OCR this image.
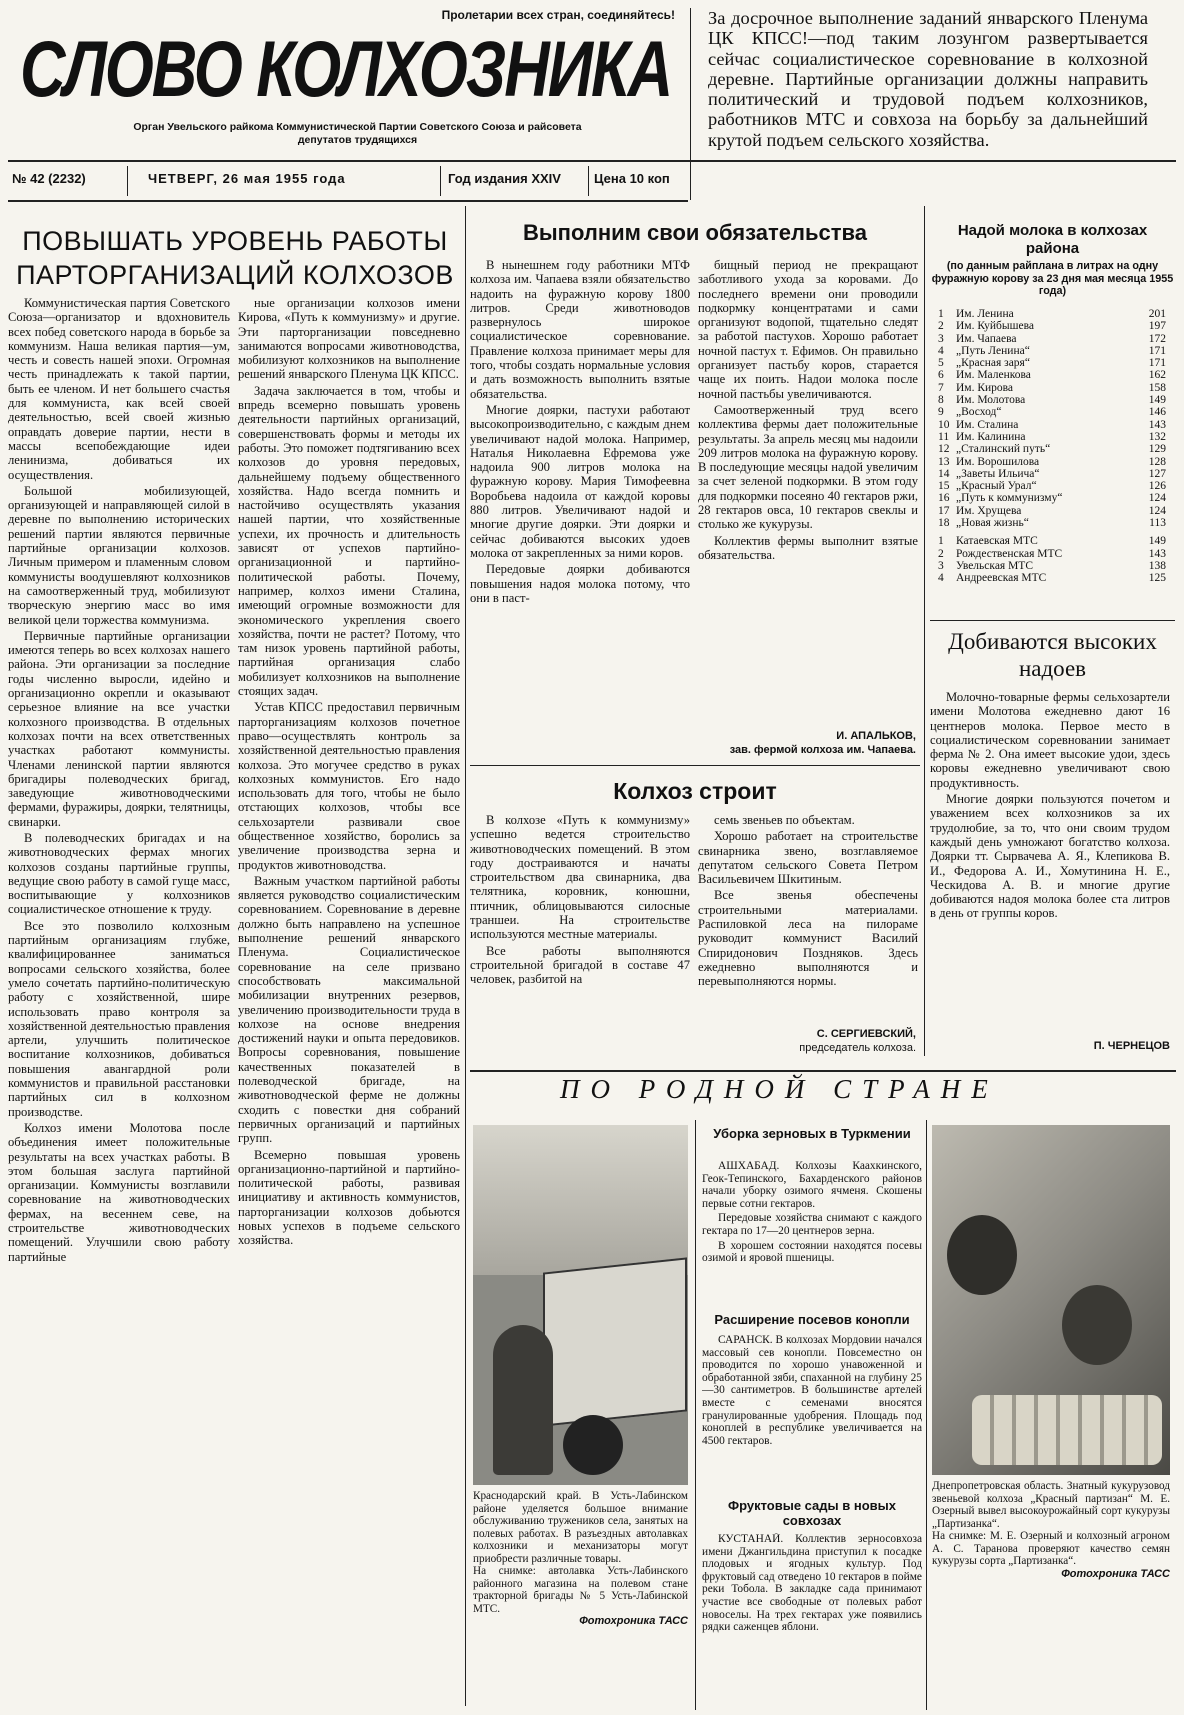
Пролетарии всех стран, соединяйтесь!
СЛОВО КОЛХОЗНИКА
Орган Увельского райкома Коммунистической Партии Советского Союза и райсовета депутатов трудящихся
№ 42 (2232)	ЧЕТВЕРГ, 26 мая 1955 года	Год издания XXIV	Цена 10 коп
За досрочное выполнение заданий январского Пленума ЦК КПСС!—под таким лозунгом развертывается сейчас социалистическое соревнование в колхозной деревне. Партийные организации должны направить политический и трудовой подъем колхозников, работников МТС и совхоза на борьбу за дальнейший крутой подъем сельского хозяйства.
ПОВЫШАТЬ УРОВЕНЬ РАБОТЫ ПАРТОРГАНИЗАЦИЙ КОЛХОЗОВ

Коммунистическая партия Советского Союза—организатор и вдохновитель всех побед советского народа в борьбе за коммунизм. Наша великая партия—ум, честь и совесть нашей эпохи. Огромная честь принадлежать к такой партии, быть ее членом. И нет большего счастья для коммуниста, как всей своей деятельностью, всей своей жизнью оправдать доверие партии, нести в массы всепобеждающие идеи ленинизма, добиваться их осуществления.

Большой мобилизующей, организующей и направляющей силой в деревне по выполнению исторических решений партии являются первичные партийные организации колхозов. Личным примером и пламенным словом коммунисты воодушевляют колхозников на самоотверженный труд, мобилизуют творческую энергию масс во имя великой цели торжества коммунизма.

Первичные партийные организации имеются теперь во всех колхозах нашего района. Эти организации за последние годы численно выросли, идейно и организационно окрепли и оказывают серьезное влияние на все участки колхозного производства. В отдельных колхозах почти на всех ответственных участках работают коммунисты. Членами ленинской партии являются бригадиры полеводческих бригад, заведующие животноводческими фермами, фуражиры, доярки, телятницы, свинарки.

В полеводческих бригадах и на животноводческих фермах многих колхозов созданы партийные группы, ведущие свою работу в самой гуще масс, воспитывающие у колхозников социалистическое отношение к труду.

Все это позволило колхозным партийным организациям глубже, квалифицированнее заниматься вопросами сельского хозяйства, более умело сочетать партийно-политическую работу с хозяйственной, шире использовать право контроля за хозяйственной деятельностью правления артели, улучшить политическое воспитание колхозников, добиваться повышения авангардной роли коммунистов и правильной расстановки партийных сил в колхозном производстве.

Колхоз имени Молотова после объединения имеет положительные результаты на всех участках работы. В этом большая заслуга партийной организации. Коммунисты возглавили соревнование на животноводческих фермах, на весеннем севе, на строительстве животноводческих помещений. Улучшили свою работу партийные

ные организации колхозов имени Кирова, «Путь к коммунизму» и другие. Эти парторганизации повседневно занимаются вопросами животноводства, мобилизуют колхозников на выполнение решений январского Пленума ЦК КПСС.

Задача заключается в том, чтобы и впредь всемерно повышать уровень деятельности партийных организаций, совершенствовать формы и методы их работы. Это поможет подтягиванию всех колхозов до уровня передовых, дальнейшему подъему общественного хозяйства. Надо всегда помнить и настойчиво осуществлять указания нашей партии, что хозяйственные успехи, их прочность и длительность зависят от успехов партийно-организационной и партийно-политической работы. Почему, например, колхоз имени Сталина, имеющий огромные возможности для экономического укрепления своего хозяйства, почти не растет? Потому, что там низок уровень партийной работы, партийная организация слабо мобилизует колхозников на выполнение стоящих задач.

Устав КПСС предоставил первичным парторганизациям колхозов почетное право—осуществлять контроль за хозяйственной деятельностью правления колхоза. Это могучее средство в руках колхозных коммунистов. Его надо использовать для того, чтобы не было отстающих колхозов, чтобы все сельхозартели развивали свое общественное хозяйство, боролись за увеличение производства зерна и продуктов животноводства.

Важным участком партийной работы является руководство социалистическим соревнованием. Соревнование в деревне должно быть направлено на успешное выполнение решений январского Пленума. Социалистическое соревнование на селе призвано способствовать максимальной мобилизации внутренних резервов, увеличению производительности труда в колхозе на основе внедрения достижений науки и опыта передовиков. Вопросы соревнования, повышение качественных показателей в полеводческой бригаде, на животноводческой ферме не должны сходить с повестки дня собраний первичных организаций и партийных групп.

Всемерно повышая уровень организационно-партийной и партийно-политической работы, развивая инициативу и активность коммунистов, парторганизации колхозов добьются новых успехов в подъеме сельского хозяйства.

Выполним свои обязательства

В нынешнем году работники МТФ колхоза им. Чапаева взяли обязательство надоить на фуражную корову 1800 литров. Среди животноводов развернулось широкое социалистическое соревнование. Правление колхоза принимает меры для того, чтобы создать нормальные условия и дать возможность выполнить взятые обязательства.

Многие доярки, пастухи работают высокопроизводительно, с каждым днем увеличивают надой молока. Например, Наталья Николаевна Ефремова уже надоила 900 литров молока на фуражную корову. Мария Тимофеевна Воробьева надоила от каждой коровы 880 литров. Увеличивают надой и многие другие доярки. Эти доярки и сейчас добиваются высоких удоев молока от закрепленных за ними коров.

Передовые доярки добиваются повышения надоя молока потому, что они в паст-

бищный период не прекращают заботливого ухода за коровами. До последнего времени они проводили подкормку концентратами и сами организуют водопой, тщательно следят за работой пастухов. Хорошо работает ночной пастух т. Ефимов. Он правильно организует пастьбу коров, старается чаще их поить. Надои молока после ночной пастьбы увеличиваются.

Самоотверженный труд всего коллектива фермы дает положительные результаты. За апрель месяц мы надоили 209 литров молока на фуражную корову. В последующие месяцы надой увеличим за счет зеленой подкормки. В этом году для подкормки посеяно 40 гектаров ржи, 28 гектаров овса, 10 гектаров свеклы и столько же кукурузы.

Коллектив фермы выполнит взятые обязательства.

И. АПАЛЬКОВ,
зав. фермой колхоза им. Чапаева.
Надой молока в колхозах района
(по данным райплана в литрах на одну фуражную корову за 23 дня мая месяца 1955 года)
1	Им. Ленина	201
2	Им. Куйбышева	197
3	Им. Чапаева	172
4	„Путь Ленина“	171
5	„Красная заря“	171
6	Им. Маленкова	162
7	Им. Кирова	158
8	Им. Молотова	149
9	„Восход“	146
10	Им. Сталина	143
11	Им. Калинина	132
12	„Сталинский путь“	129
13	Им. Ворошилова	128
14	„Заветы Ильича“	127
15	„Красный Урал“	126
16	„Путь к коммунизму“	124
17	Им. Хрущева	124
18	„Новая жизнь“	113
1	Катаевская МТС	149
2	Рождественская МТС	143
3	Увельская МТС	138
4	Андреевская МТС	125
Добиваются высоких надоев

Молочно-товарные фермы сельхозартели имени Молотова ежедневно дают 16 центнеров молока. Первое место в социалистическом соревновании занимает ферма № 2. Она имеет высокие удои, здесь коровы ежедневно увеличивают свою продуктивность.

Многие доярки пользуются почетом и уважением всех колхозников за их трудолюбие, за то, что они своим трудом каждый день умножают богатство колхоза. Доярки тт. Сырвачева А. Я., Клепикова В. И., Федорова А. И., Хомутинина Н. Е., Ческидова А. В. и многие другие добиваются надоя молока более ста литров в день от группы коров.

П. ЧЕРНЕЦОВ
Колхоз строит

В колхозе «Путь к коммунизму» успешно ведется строительство животноводческих помещений. В этом году достраиваются и начаты строительством два свинарника, два телятника, коровник, конюшни, птичник, облицовываются силосные траншеи. На строительстве используются местные материалы.

Все работы выполняются строительной бригадой в составе 47 человек, разбитой на

семь звеньев по объектам.

Хорошо работает на строительстве свинарника звено, возглавляемое депутатом сельского Совета Петром Васильевичем Шкитиным.

Все звенья обеспечены строительными материалами. Распиловкой леса на пилораме руководит коммунист Василий Спиридонович Поздняков. Здесь ежедневно выполняются и перевыполняются нормы.

С. СЕРГИЕВСКИЙ,
председатель колхоза.
ПО РОДНОЙ СТРАНЕ
Краснодарский край. В Усть-Лабинском районе уделяется большое внимание обслуживанию тружеников села, занятых на полевых работах. В разъездных автолавках колхозники и механизаторы могут приобрести различные товары.
На снимке: автолавка Усть-Лабинского районного магазина на полевом стане тракторной бригады № 5 Усть-Лабинской МТС.
Фотохроника ТАСС
Уборка зерновых в Туркмении

АШХАБАД. Колхозы Каахкинского, Геок-Тепинского, Бахарденского районов начали уборку озимого ячменя. Скошены первые сотни гектаров.

Передовые хозяйства снимают с каждого гектара по 17—20 центнеров зерна.

В хорошем состоянии находятся посевы озимой и яровой пшеницы.

Расширение посевов конопли

САРАНСК. В колхозах Мордовии начался массовый сев конопли. Повсеместно он проводится по хорошо унавоженной и обработанной зяби, спаханной на глубину 25—30 сантиметров. В большинстве артелей вместе с семенами вносятся гранулированные удобрения. Площадь под коноплей в республике увеличивается на 4500 гектаров.

Фруктовые сады в новых совхозах

КУСТАНАЙ. Коллектив зерносовхоза имени Джангильдина приступил к посадке плодовых и ягодных культур. Под фруктовый сад отведено 10 гектаров в пойме реки Тобола. В закладке сада принимают участие все свободные от полевых работ новоселы. На трех гектарах уже появились рядки саженцев яблони.

Днепропетровская область. Знатный кукурузовод звеньевой колхоза „Красный партизан“ М. Е. Озерный вывел высокоурожайный сорт кукурузы „Партизанка“.
На снимке: М. Е. Озерный и колхозный агроном А. С. Таранова проверяют качество семян кукурузы сорта „Партизанка“.
Фотохроника ТАСС
